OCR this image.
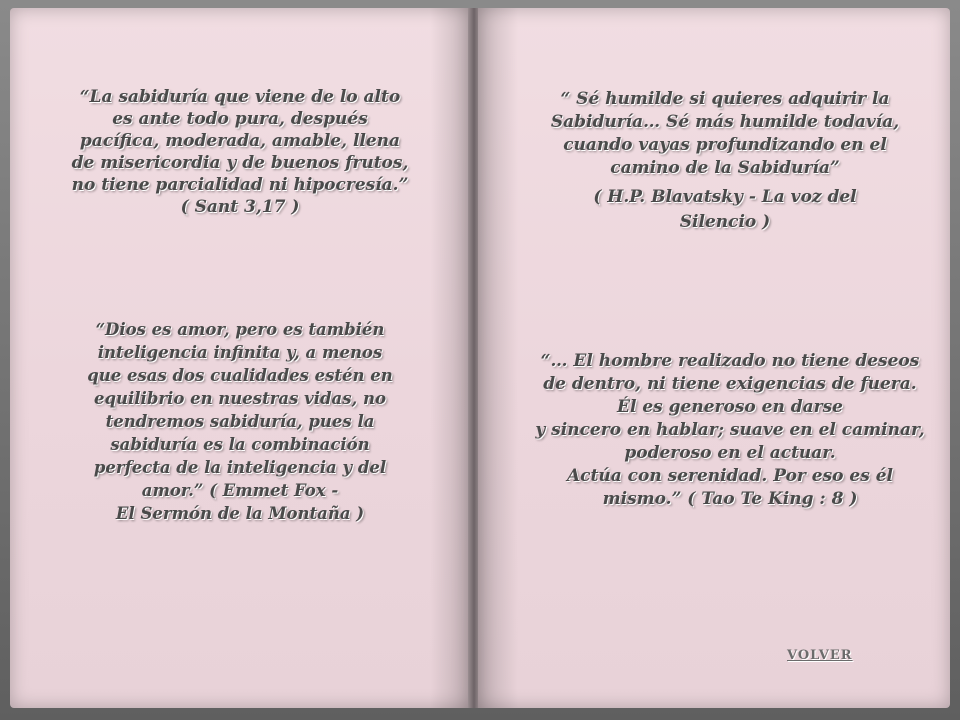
“La sabiduría que viene de lo alto
es ante todo pura, después
pacífica, moderada, amable, llena
de misericordia y de buenos frutos,
no tiene parcialidad ni hipocresía.”
( Sant 3,17 )
“Dios es amor, pero es también
inteligencia infinita y, a menos
que esas dos cualidades estén en
equilibrio en nuestras vidas, no
tendremos sabiduría, pues la
sabiduría es la combinación
perfecta de la inteligencia y del
amor.” ( Emmet Fox -
El Sermón de la Montaña )
“ Sé humilde si quieres adquirir la
Sabiduría… Sé más humilde todavía,
cuando vayas profundizando en el
camino de la Sabiduría”
( H.P. Blavatsky - La voz del
Silencio )
“… El hombre realizado no tiene deseos
de dentro, ni tiene exigencias de fuera.
Él es generoso en darse
y sincero en hablar; suave en el caminar,
poderoso en el actuar.
Actúa con serenidad. Por eso es él
mismo.” ( Tao Te King : 8 )
VOLVER
